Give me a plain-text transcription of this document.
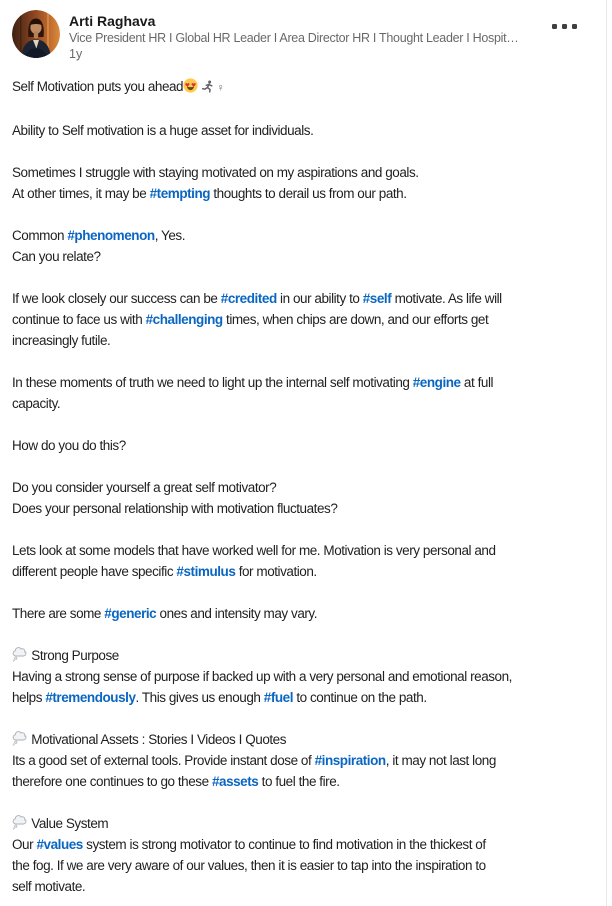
Arti Raghava
Vice President HR I Global HR Leader I Area Director HR I Thought Leader I Hospit…
1y

Self Motivation puts you ahead	♀

Ability to Self motivation is a huge asset for individuals.

Sometimes I struggle with staying motivated on my aspirations and goals.
At other times, it may be #tempting thoughts to derail us from our path.

Common #phenomenon, Yes.
Can you relate?

If we look closely our success can be #credited in our ability to #self motivate. As life will
continue to face us with #challenging times, when chips are down, and our efforts get
increasingly futile.

In these moments of truth we need to light up the internal self motivating #engine at full
capacity.

How do you do this?

Do you consider yourself a great self motivator?
Does your personal relationship with motivation fluctuates?

Lets look at some models that have worked well for me. Motivation is very personal and
different people have specific #stimulus for motivation.

There are some #generic ones and intensity may vary.

Strong Purpose
Having a strong sense of purpose if backed up with a very personal and emotional reason,
helps #tremendously. This gives us enough #fuel to continue on the path.

Motivational Assets : Stories I Videos I Quotes
Its a good set of external tools. Provide instant dose of #inspiration, it may not last long
therefore one continues to go these #assets to fuel the fire.

Value System
Our #values system is strong motivator to continue to find motivation in the thickest of
the fog. If we are very aware of our values, then it is easier to tap into the inspiration to
self motivate.
